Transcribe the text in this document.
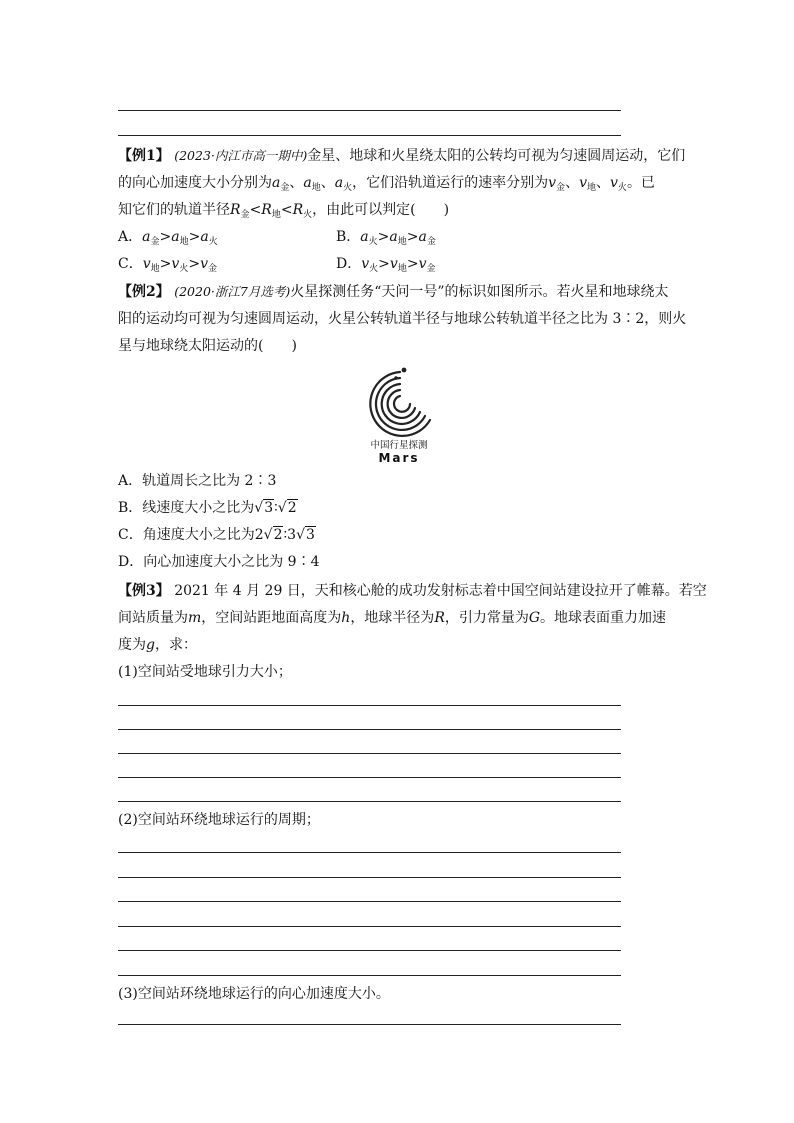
【例1】 (2023·内江市高一期中)金星、地球和火星绕太阳的公转均可视为匀速圆周运动，它们
的向心加速度大小分别为$a_金$、$a_地$、$a_火$，它们沿轨道运行的速率分别为$v_金$、$v_地$、$v_火$。已
知它们的轨道半径$R_金<R_地<R_火$，由此可以判定(　　)
A．$a_金>a_地>a_火$	B．$a_火>a_地>a_金$
C．$v_地>v_火>v_金$	D．$v_火>v_地>v_金$
【例2】 (2020·浙江7月选考)火星探测任务“天问一号”的标识如图所示。若火星和地球绕太
阳的运动均可视为匀速圆周运动，火星公转轨道半径与地球公转轨道半径之比为 3∶2，则火
星与地球绕太阳运动的(　　)
中国行星探测
Mars
A．轨道周长之比为 2∶3
B．线速度大小之比为√3∶√2
C．角速度大小之比为2√2∶3√3
D．向心加速度大小之比为 9∶4
【例3】 2021 年 4 月 29 日，天和核心舱的成功发射标志着中国空间站建设拉开了帷幕。若空
间站质量为m，空间站距地面高度为h，地球半径为R，引力常量为G。地球表面重力加速
度为g，求：
(1)空间站受地球引力大小；
(2)空间站环绕地球运行的周期；
(3)空间站环绕地球运行的向心加速度大小。
